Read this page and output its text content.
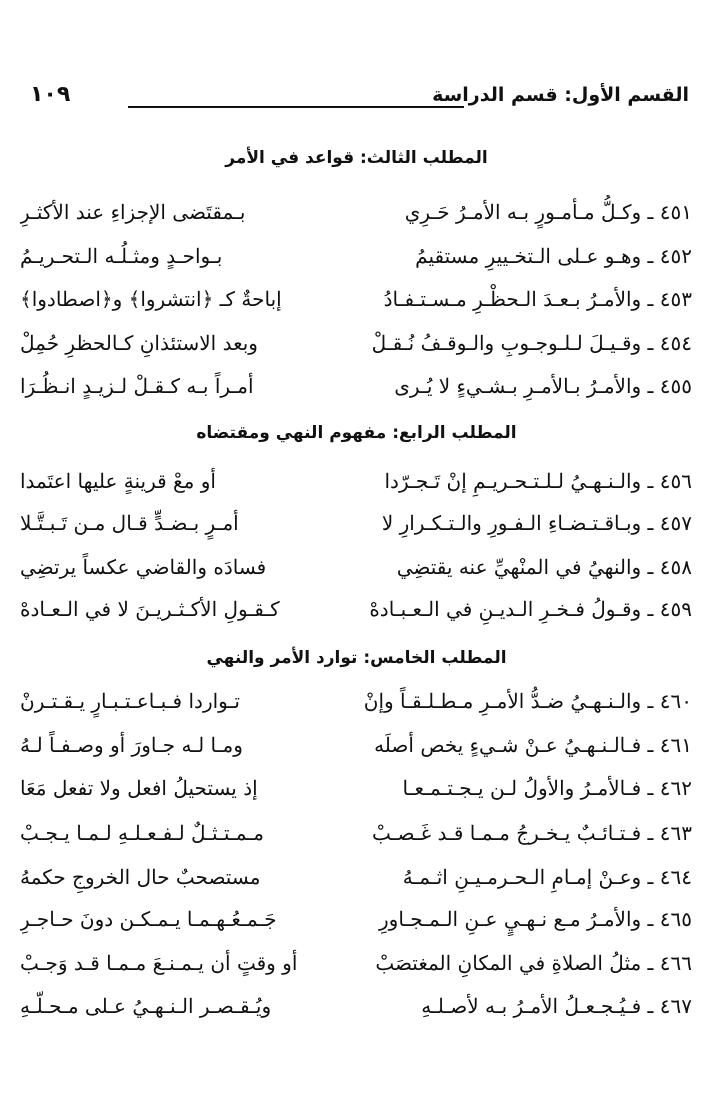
القسم الأول: قسم الدراسة
١٠٩
المطلب الثالث: قواعد في الأمر
٤٥١ ـ وكـلُّ مـأمـورٍ بـه الأمـرُ حَـرِي
بـمقتَضى الإجزاءِ عند الأكثـرِ
٤٥٢ ـ وهـو عـلى الـتخـييرِ مستقيمُ
بـواحـدٍ ومثـلُـه الـتحـريـمُ
٤٥٣ ـ والأمـرُ بـعـدَ الـحظْـرِ مـسـتـفـادُ
إباحةٌ كـ ﴿انتشروا﴾ و﴿اصطادوا﴾
٤٥٤ ـ وقـيـلَ لـلـوجـوبِ والـوقـفُ نُـقـلْ
وبعد الاستئذانِ كـالحظرِ حُمِلْ
٤٥٥ ـ والأمـرُ بـالأمـرِ بـشـيءٍ لا يُـرى
أمـراً بـه كـقـلْ لـزيـدٍ انـظُـرَا
المطلب الرابع: مفهوم النهي ومقتضاه
٤٥٦ ـ والـنـهـيُ لـلـتـحـريـمِ إنْ تَـجـرّدا
أو معْ قرينةٍ عليها اعتَمدا
٤٥٧ ـ وبـاقـتـضـاءِ الـفـورِ والـتـكـرارِ لا
أمـرٍ بـضـدٍّ قـال مـن تَـبـتَّـلا
٤٥٨ ـ والنهيُ في المنْهيِّ عنه يقتضِي
فسادَه والقاضي عكساً يرتضِي
٤٥٩ ـ وقـولُ فـخـرِ الـديـنِ في الـعـبـادهْ
كـقـولِ الأكـثـريـنَ لا في الـعـادهْ
المطلب الخامس: توارد الأمر والنهي
٤٦٠ ـ والـنـهـيُ ضـدُّ الأمـرِ مـطـلـقـاً وإنْ
تـواردا فـبـاعـتـبـارٍ يـقـتـرنْ
٤٦١ ـ فـالـنـهـيُ عـنْ شـيءٍ يخص أصلَه
ومـا لـه جـاورَ أو وصـفـاً لـهُ
٤٦٢ ـ فـالأمـرُ والأولُ لـن يـجـتـمـعـا
إذ يستحيلُ افعل ولا تفعل مَعَا
٤٦٣ ـ فـتـائـبٌ يـخـرجُ مـمـا قـد غَـصـبْ
مـمـتـثـلٌ لـفـعـلـهِ لـمـا يـجـبْ
٤٦٤ ـ وعـنْ إمـامِ الـحـرمـيـنِ اثـمـهُ
مستصحبٌ حال الخروجِ حكمهُ
٤٦٥ ـ والأمـرُ مـع نـهـيٍ عـنِ الـمـجـاورِ
جَـمـعُـهـمـا يـمـكـن دونَ حـاجـرِ
٤٦٦ ـ مثلُ الصلاةِ في المكانِ المغتصَبْ
أو وقتٍ أن يـمـنـعَ مـمـا قـد وَجـبْ
٤٦٧ ـ فـيُـجـعـلُ الأمـرُ بـه لأصـلـهِ
ويُـقـصـر الـنـهـيُ عـلى مـحـلّـهِ
